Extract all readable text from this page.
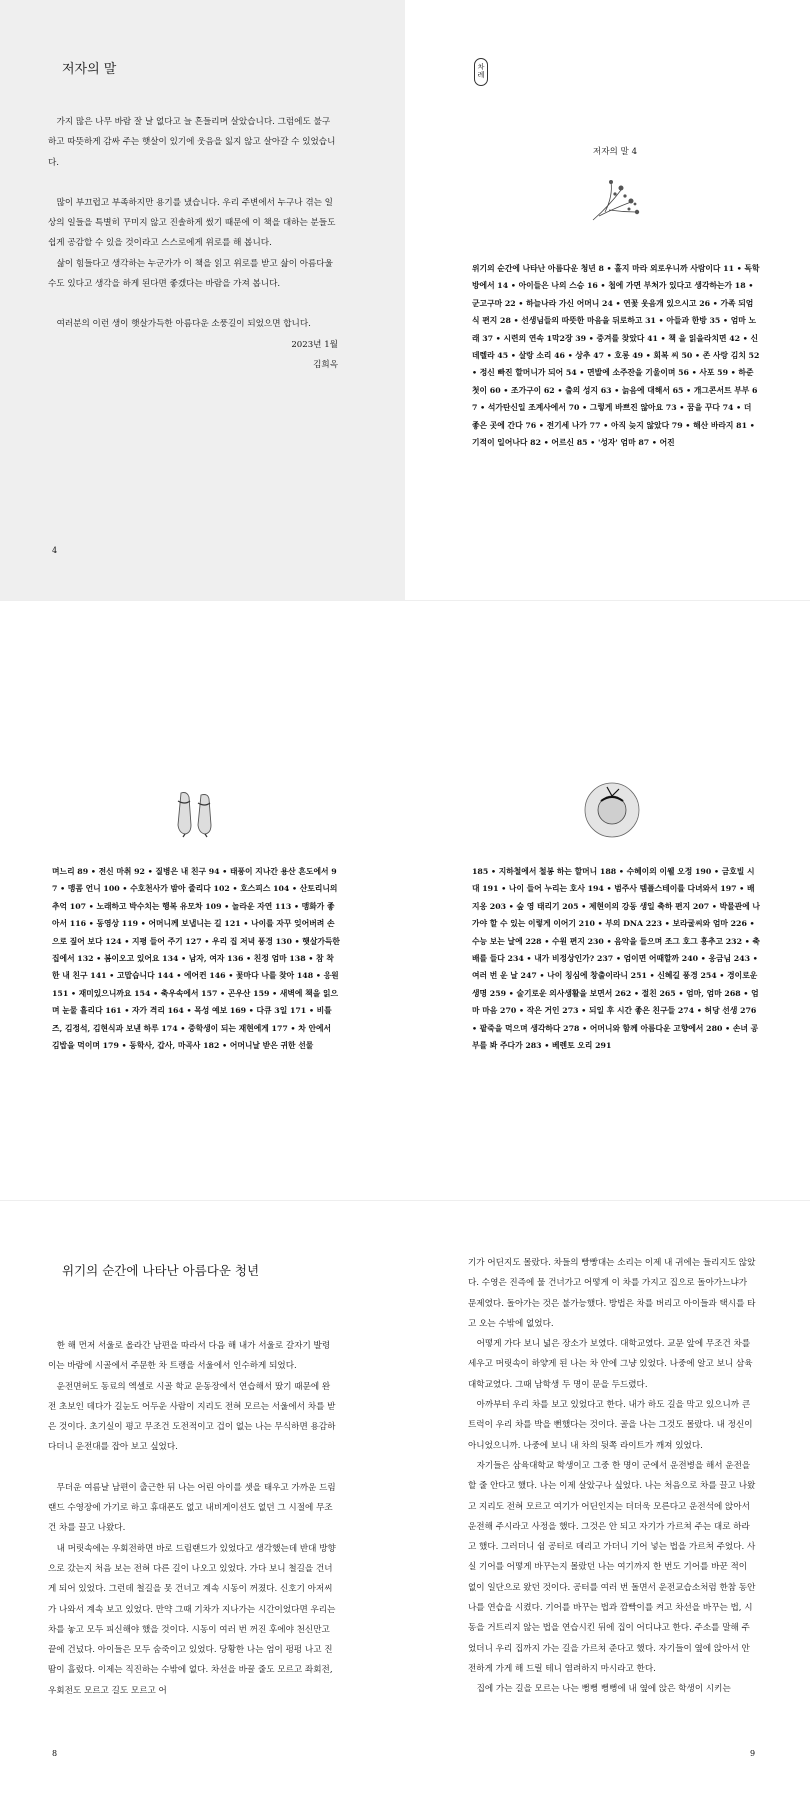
저자의 말

가지 많은 나무 바람 잘 날 없다고 늘 흔들리며 살았습니다. 그럼에도 불구하고 따뜻하게 감싸 주는 햇살이 있기에 웃음을 잃지 않고 살아갈 수 있었습니다.

많이 부끄럽고 부족하지만 용기를 냈습니다. 우리 주변에서 누구나 겪는 일상의 일들을 특별히 꾸미지 않고 진솔하게 썼기 때문에 이 책을 대하는 분들도 쉽게 공감할 수 있을 것이라고 스스로에게 위로를 해 봅니다.

삶이 힘들다고 생각하는 누군가가 이 책을 읽고 위로를 받고 삶이 아름다울 수도 있다고 생각을 하게 된다면 좋겠다는 바람을 가져 봅니다.

여러분의 이런 생이 햇살가득한 아름다운 소풍길이 되었으면 합니다.

2023년 1월
김희옥
4
차 례
저자의 말 4
위기의 순간에 나타난 아름다운 청년 8 • 홀지 마라 외로우니까 사람이다 11 • 독학방에서 14 • 아이들은 나의 스승 16 • 첩에 가면 부처가 있다고 생각하는가 18 • 군고구마 22 • 하늘나라 가신 어머니 24 • 연꽃 웃음개 있으시고 26 • 가족 되엄식 편지 28 • 선생님들의 따뜻한 마음을 뒤로하고 31 • 아들과 한방 35 • 엄마 노래 37 • 시련의 연속 1막2장 39 • 중겨를 찾았다 41 • 책 을 읽을라치면 42 • 신데렐라 45 • 살랑 소리 46 • 상추 47 • 호롱 49 • 회복 씨 50 • 존 사랑 김치 52 • 정신 빠진 할머니가 되어 54 • 면발에 소주잔을 기울이며 56 • 사포 59 • 하준 첫이 60 • 조가구이 62 • 출의 성지 63 • 늙음에 대해서 65 • 개그콘서트 부부 67 • 석가탄신일 조계사에서 70 • 그렇게 바쁘진 않아요 73 • 꿈을 꾸다 74 • 더 좋은 곳에 간다 76 • 전기세 나가 77 • 아직 늦지 않았다 79 • 해산 바라지 81 • 기적이 일어나다 82 • 어르신 85 • '성자' 엄마 87 • 어진
며느리 89 • 전신 마취 92 • 질병은 내 친구 94 • 태풍이 지나간 용산 흔도에서 97 • 맹콤 언니 100 • 수호천사가 밤아 줄리다 102 • 호스피스 104 • 산토리니의 추억 107 • 노래하고 박수치는 행복 유모차 109 • 놀라운 자연 113 • 맹화가 좋아서 116 • 동영상 119 • 어머니께 보냅니는 길 121 • 나이를 자꾸 잊어버려 손으로 짚어 보다 124 • 지평 들어 주기 127 • 우리 집 저녁 풍경 130 • 햇살가득한 집에서 132 • 봄이오고 있어요 134 • 남자, 여자 136 • 친정 엄마 138 • 참 착한 내 친구 141 • 고맙습니다 144 • 에어컨 146 • 꽃마다 나를 찾아 148 • 응원 151 • 재미있으니까요 154 • 축우속에서 157 • 곤우산 159 • 새벽에 책을 읽으며 눈물 흘리다 161 • 자가 격리 164 • 목성 예보 169 • 다큐 3일 171 • 비틀즈, 김정석, 김현식과 보낸 하루 174 • 중학생이 되는 재현에게 177 • 차 안에서 김밥을 먹이며 179 • 동학사, 갑사, 마곡사 182 • 어머니날 받은 귀한 선물
185 • 지하철에서 철봉 하는 할머니 188 • 수혜이의 이웰 오정 190 • 금호빌 시대 191 • 나이 들어 누리는 호사 194 • 범주사 템플스테이를 다녀와서 197 • 배지옹 203 • 숲 영 태리기 205 • 제현이의 강동 생일 축하 편지 207 • 박물관에 나가야 할 수 있는 이렇게 이어기 210 • 부의 DNA 223 • 보라굴씨와 엄마 226 • 수능 보는 날에 228 • 수원 편지 230 • 음악을 들으며 조그 호그 흥추고 232 • 축배를 들다 234 • 내가 비정상인가? 237 • 엄이면 어때할까 240 • 옹금님 243 • 여러 번 운 날 247 • 나이 칭심에 창출이라니 251 • 신혜길 풍경 254 • 경이로운 생명 259 • 술기로운 의사생활을 보면서 262 • 절친 265 • 엄마, 엄마 268 • 엄마 마음 270 • 작은 거인 273 • 되일 후 시간 좋은 친구들 274 • 허당 선생 276 • 팥죽을 먹으며 생각하다 278 • 어머니와 함께 아름다운 고향에서 280 • 손녀 공부를 봐 주다가 283 • 베렌토 오리 291
위기의 순간에 나타난 아름다운 청년

한 해 먼저 서울로 올라간 남편을 따라서 다음 해 내가 서울로 갈자기 발령이는 바람에 시골에서 주문한 차 트랭을 서울에서 인수하게 되었다.

운전면허도 동료의 엑셀로 시골 학교 운동장에서 연습해서 땄기 때문에 완전 초보인 데다가 길눈도 어두운 사람이 지리도 전혀 모르는 서울에서 차를 받은 것이다. 초기실이 평고 무조건 도전적이고 겁이 없는 나는 무식하면 용감하다더니 운전대를 잡아 보고 싶었다.

무더운 여름날 남편이 출근한 뒤 나는 어린 아이를 셋을 태우고 가까운 드림랜드 수영장에 가기로 하고 휴대폰도 없고 내비게이션도 없던 그 시절에 무조건 차를 끌고 나왔다.

내 머릿속에는 우회전하면 바로 드림랜드가 있었다고 생각했는데 반대 방향으로 갔는지 처음 보는 전혀 다른 길이 나오고 있었다. 가다 보니 철길을 건너게 되어 있었다. 그런데 철길을 못 건너고 계속 시동이 꺼졌다. 신호기 아저씨가 나와서 계속 보고 있었다. 만약 그때 기차가 지나가는 시간이었다면 우리는 차를 놓고 모두 피신해야 했을 것이다. 시동이 여러 번 꺼진 후에야 천신만고 끝에 건넜다. 아이들은 모두 숨죽이고 있었다. 당황한 나는 엄이 펑펑 나고 진땀이 흘렀다. 이제는 직진하는 수밖에 없다. 차선을 바꿀 줄도 모르고 좌회전, 우회전도 모르고 길도 모르고 어

8

기가 어딘지도 몰랐다. 차들의 빵빵대는 소리는 이제 내 귀에는 들리지도 않았다. 수영은 진즉에 물 건너가고 어떻게 이 차를 가지고 집으로 돌아가느냐가 문제였다. 돌아가는 것은 불가능했다. 방법은 차를 버리고 아이들과 택시를 타고 오는 수밖에 없었다.

어떻게 가다 보니 넓은 장소가 보였다. 대학교였다. 교문 앞에 무조건 차를 세우고 머릿속이 하얗게 된 나는 차 안에 그냥 있었다. 나중에 알고 보니 삼육대학교였다. 그때 남학생 두 명이 문을 두드렸다.

아까부터 우리 차를 보고 있었다고 한다. 내가 하도 길을 막고 있으니까 큰 트럭이 우리 차를 박을 뻔했다는 것이다. 골을 나는 그것도 몰랐다. 내 정신이 아니었으니까. 나중에 보니 내 차의 뒷쪽 라이트가 깨져 있었다.

자기들은 삼육대학교 학생이고 그중 한 명이 군에서 운전병을 해서 운전을 할 줄 안다고 했다. 나는 이제 살았구나 싶었다. 나는 처음으로 차를 끌고 나왔고 지리도 전혀 모르고 여기가 어딘인지는 더더욱 모른다고 운전석에 앉아서 운전해 주시라고 사정을 했다. 그것은 안 되고 자기가 가르쳐 주는 대로 하라고 했다. 그러더니 쉼 공터로 데리고 가더니 기어 넣는 법을 가르쳐 주었다. 사실 기어를 어떻게 바꾸는지 몰랐던 나는 여기까지 한 번도 기어를 바꾼 적이 없이 일단으로 왔던 것이다. 공터를 여러 번 돌면서 운전교습소처럼 한참 동안 나를 연습을 시켰다. 기어를 바꾸는 법과 깜빡이를 켜고 차선을 바꾸는 법, 시동을 거트리지 않는 법을 연습시킨 뒤에 집이 어디냐고 한다. 주소를 말해 주었더니 우리 집까지 가는 길을 가르쳐 준다고 했다. 자기들이 옆에 앉아서 안전하게 가게 해 드릴 테니 염려하지 마시라고 한다.

집에 가는 길을 모르는 나는 뻥뻥 뻥뻥에 내 옆에 앉은 학생이 시키는

9
